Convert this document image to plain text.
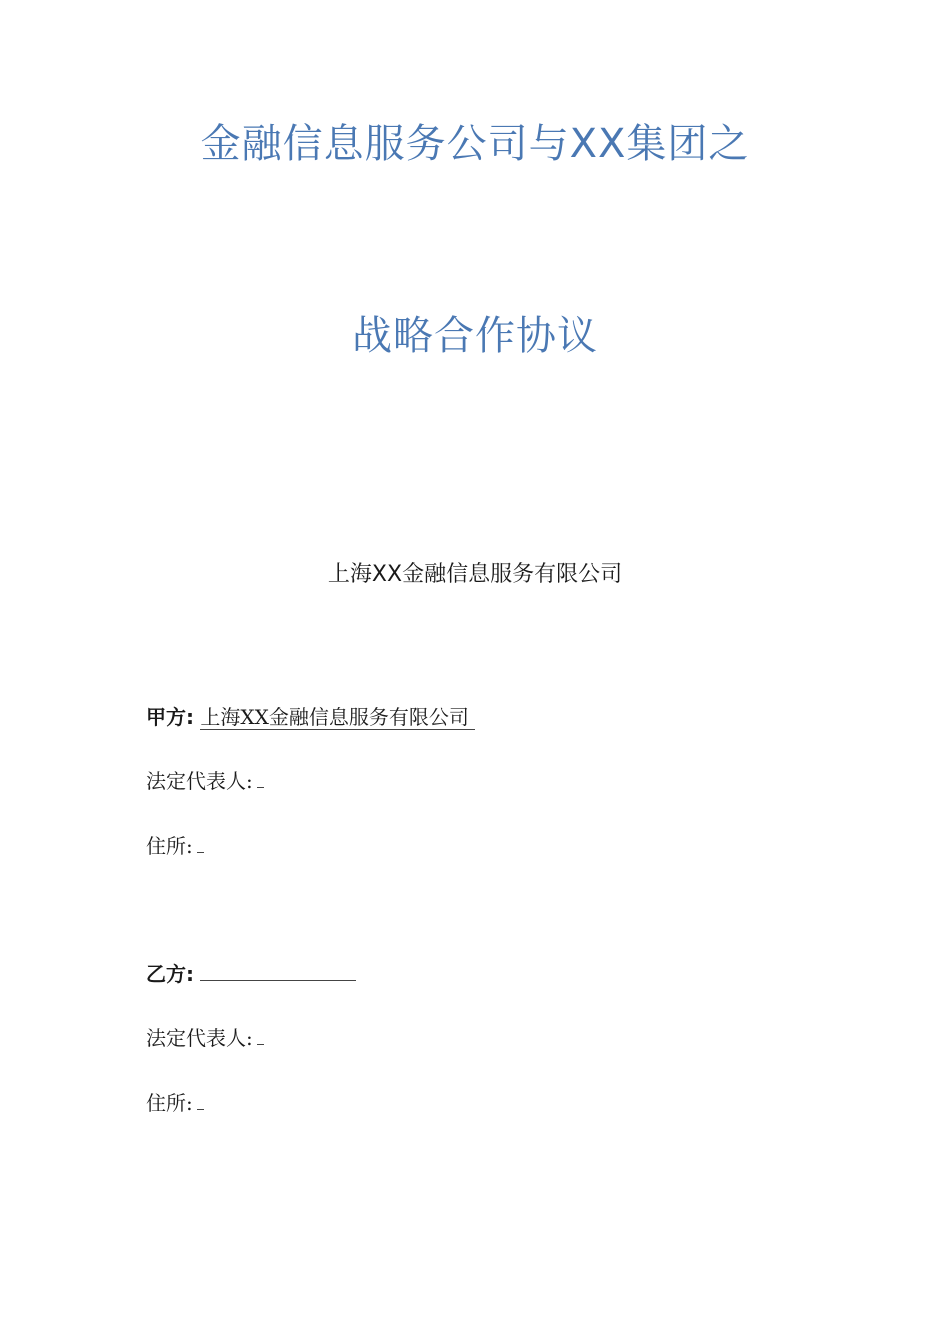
金融信息服务公司与XX集团之
战略合作协议
上海XX金融信息服务有限公司
甲方: 上海XX金融信息服务有限公司
法定代表人:
住所:
乙方:
法定代表人:
住所:
